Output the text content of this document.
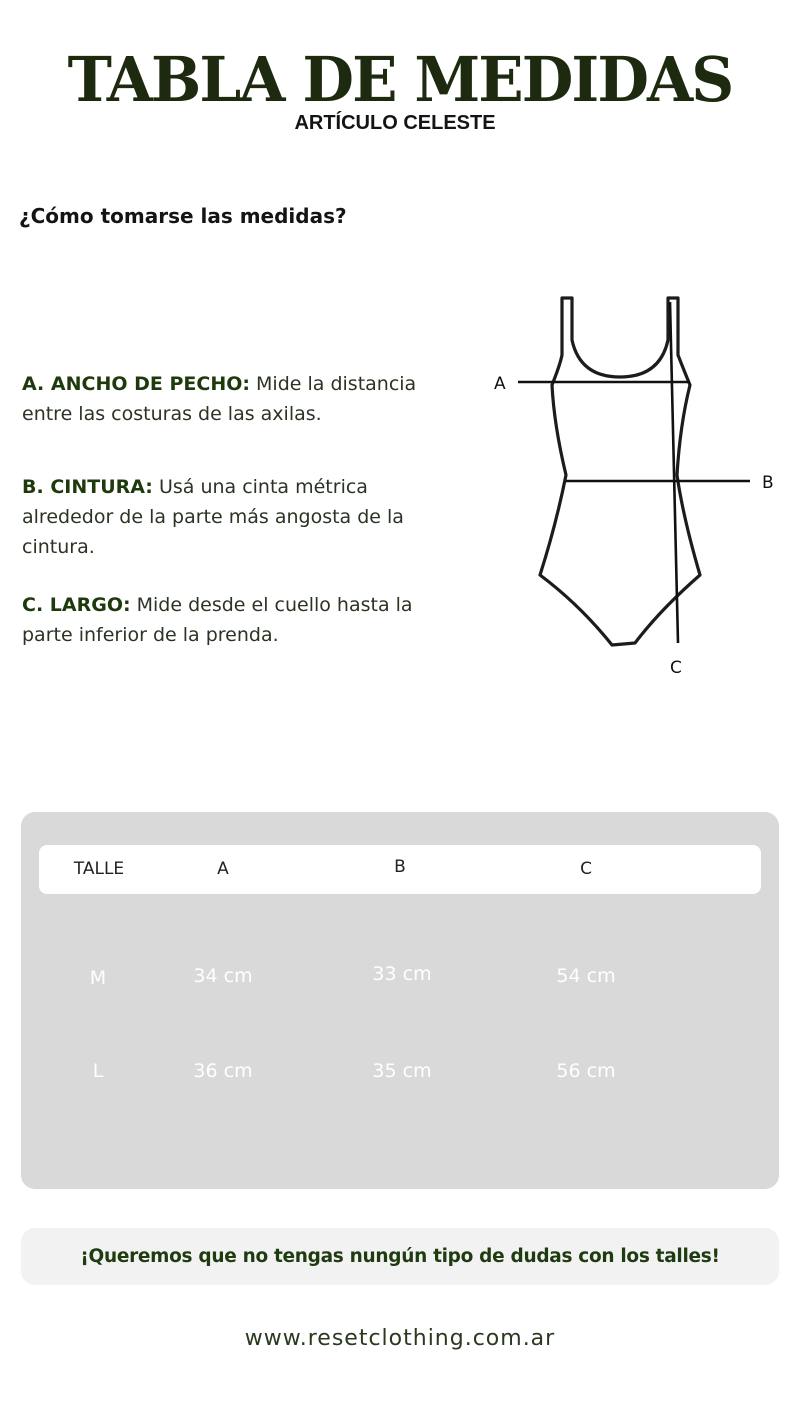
TABLA DE MEDIDAS
ARTÍCULO CELESTE
¿Cómo tomarse las medidas?
A. ANCHO DE PECHO: Mide la distancia entre las costuras de las axilas.
B. CINTURA: Usá una cinta métrica alrededor de la parte más angosta de la cintura.
C. LARGO: Mide desde el cuello hasta la parte inferior de la prenda.
A
B
C
TALLE	A	B	C
M	34 cm	33 cm	54 cm
L	36 cm	35 cm	56 cm
¡Queremos que no tengas nungún tipo de dudas con los talles!
www.resetclothing.com.ar
